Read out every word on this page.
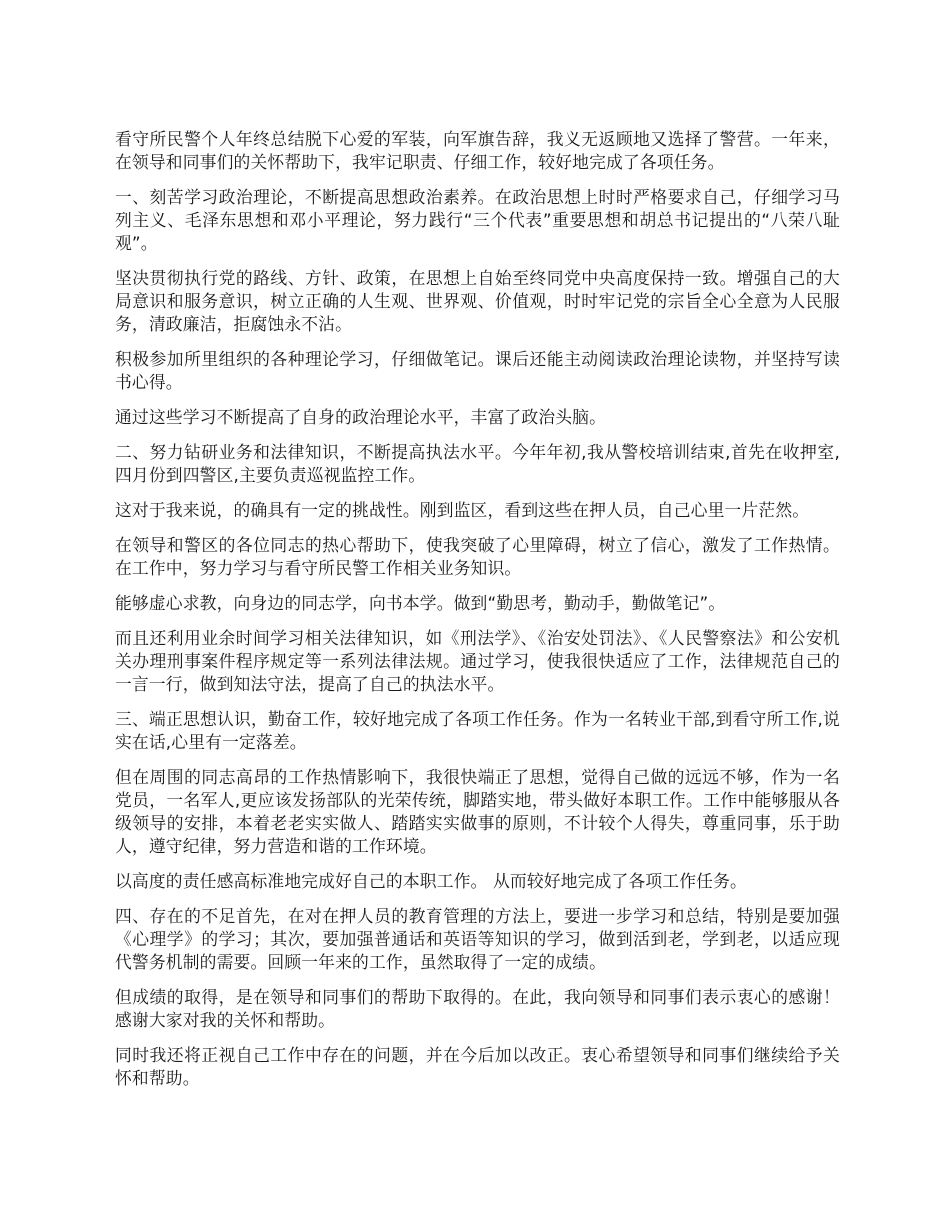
看守所民警个人年终总结脱下心爱的军装，向军旗告辞，我义无返顾地又选择了警营。一年来，在领导和同事们的关怀帮助下，我牢记职责、仔细工作，较好地完成了各项任务。

一、刻苦学习政治理论，不断提高思想政治素养。在政治思想上时时严格要求自己，仔细学习马列主义、毛泽东思想和邓小平理论，努力践行“三个代表”重要思想和胡总书记提出的“八荣八耻观”。

坚决贯彻执行党的路线、方针、政策，在思想上自始至终同党中央高度保持一致。增强自己的大局意识和服务意识，树立正确的人生观、世界观、价值观，时时牢记党的宗旨全心全意为人民服务，清政廉洁，拒腐蚀永不沾。

积极参加所里组织的各种理论学习，仔细做笔记。课后还能主动阅读政治理论读物，并坚持写读书心得。

通过这些学习不断提高了自身的政治理论水平，丰富了政治头脑。

二、努力钻研业务和法律知识，不断提高执法水平。今年年初,我从警校培训结束,首先在收押室,四月份到四警区,主要负责巡视监控工作。

这对于我来说，的确具有一定的挑战性。刚到监区，看到这些在押人员，自己心里一片茫然。

在领导和警区的各位同志的热心帮助下，使我突破了心里障碍，树立了信心，激发了工作热情。在工作中，努力学习与看守所民警工作相关业务知识。

能够虚心求教，向身边的同志学，向书本学。做到“勤思考，勤动手，勤做笔记”。

而且还利用业余时间学习相关法律知识，如《刑法学》、《治安处罚法》、《人民警察法》和公安机关办理刑事案件程序规定等一系列法律法规。通过学习，使我很快适应了工作，法律规范自己的一言一行，做到知法守法，提高了自己的执法水平。

三、端正思想认识，勤奋工作，较好地完成了各项工作任务。作为一名转业干部,到看守所工作,说实在话,心里有一定落差。

但在周围的同志高昂的工作热情影响下，我很快端正了思想，觉得自己做的远远不够，作为一名党员，一名军人,更应该发扬部队的光荣传统，脚踏实地，带头做好本职工作。工作中能够服从各级领导的安排，本着老老实实做人、踏踏实实做事的原则，不计较个人得失，尊重同事，乐于助人，遵守纪律，努力营造和谐的工作环境。

以高度的责任感高标准地完成好自己的本职工作。 从而较好地完成了各项工作任务。

四、存在的不足首先，在对在押人员的教育管理的方法上，要进一步学习和总结，特别是要加强《心理学》的学习；其次，要加强普通话和英语等知识的学习，做到活到老，学到老，以适应现代警务机制的需要。回顾一年来的工作，虽然取得了一定的成绩。

但成绩的取得，是在领导和同事们的帮助下取得的。在此，我向领导和同事们表示衷心的感谢！感谢大家对我的关怀和帮助。

同时我还将正视自己工作中存在的问题，并在今后加以改正。衷心希望领导和同事们继续给予关怀和帮助。
